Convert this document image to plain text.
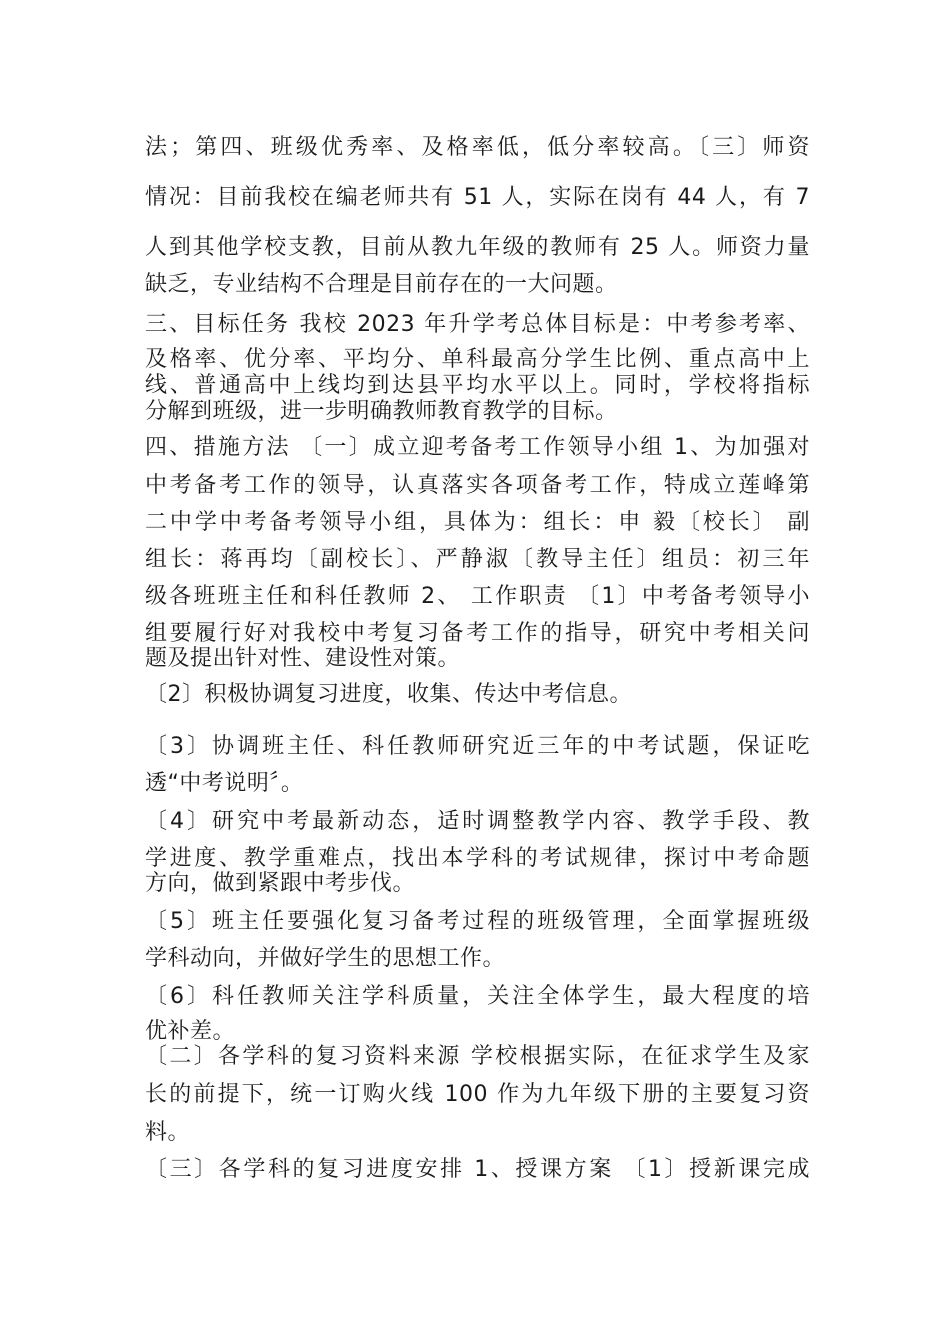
法；第四、班级优秀率、及格率低，低分率较高。〔三〕师资
情况：目前我校在编老师共有 51 人，实际在岗有 44 人，有 7
人到其他学校支教，目前从教九年级的教师有 25 人。师资力量
缺乏，专业结构不合理是目前存在的一大问题。
三、目标任务 我校 2023 年升学考总体目标是：中考参考率、
及格率、优分率、平均分、单科最高分学生比例、重点高中上
线、普通高中上线均到达县平均水平以上。同时，学校将指标
分解到班级，进一步明确教师教育教学的目标。
四、措施方法 〔一〕成立迎考备考工作领导小组 1、为加强对
中考备考工作的领导，认真落实各项备考工作，特成立莲峰第
二中学中考备考领导小组，具体为：组长：申 毅〔校长〕 副
组长：蒋再均〔副校长〕、严静淑〔教导主任〕组员：初三年
级各班班主任和科任教师 2、 工作职责 〔1〕中考备考领导小
组要履行好对我校中考复习备考工作的指导，研究中考相关问
题及提出针对性、建设性对策。
〔2〕积极协调复习进度，收集、传达中考信息。
〔3〕协调班主任、科任教师研究近三年的中考试题，保证吃
透“中考说明〞。
〔4〕研究中考最新动态，适时调整教学内容、教学手段、教
学进度、教学重难点，找出本学科的考试规律，探讨中考命题
方向，做到紧跟中考步伐。
〔5〕班主任要强化复习备考过程的班级管理，全面掌握班级
学科动向，并做好学生的思想工作。
〔6〕科任教师关注学科质量，关注全体学生，最大程度的培
优补差。
〔二〕各学科的复习资料来源 学校根据实际，在征求学生及家
长的前提下，统一订购火线 100 作为九年级下册的主要复习资
料。
〔三〕各学科的复习进度安排 1、授课方案 〔1〕授新课完成
